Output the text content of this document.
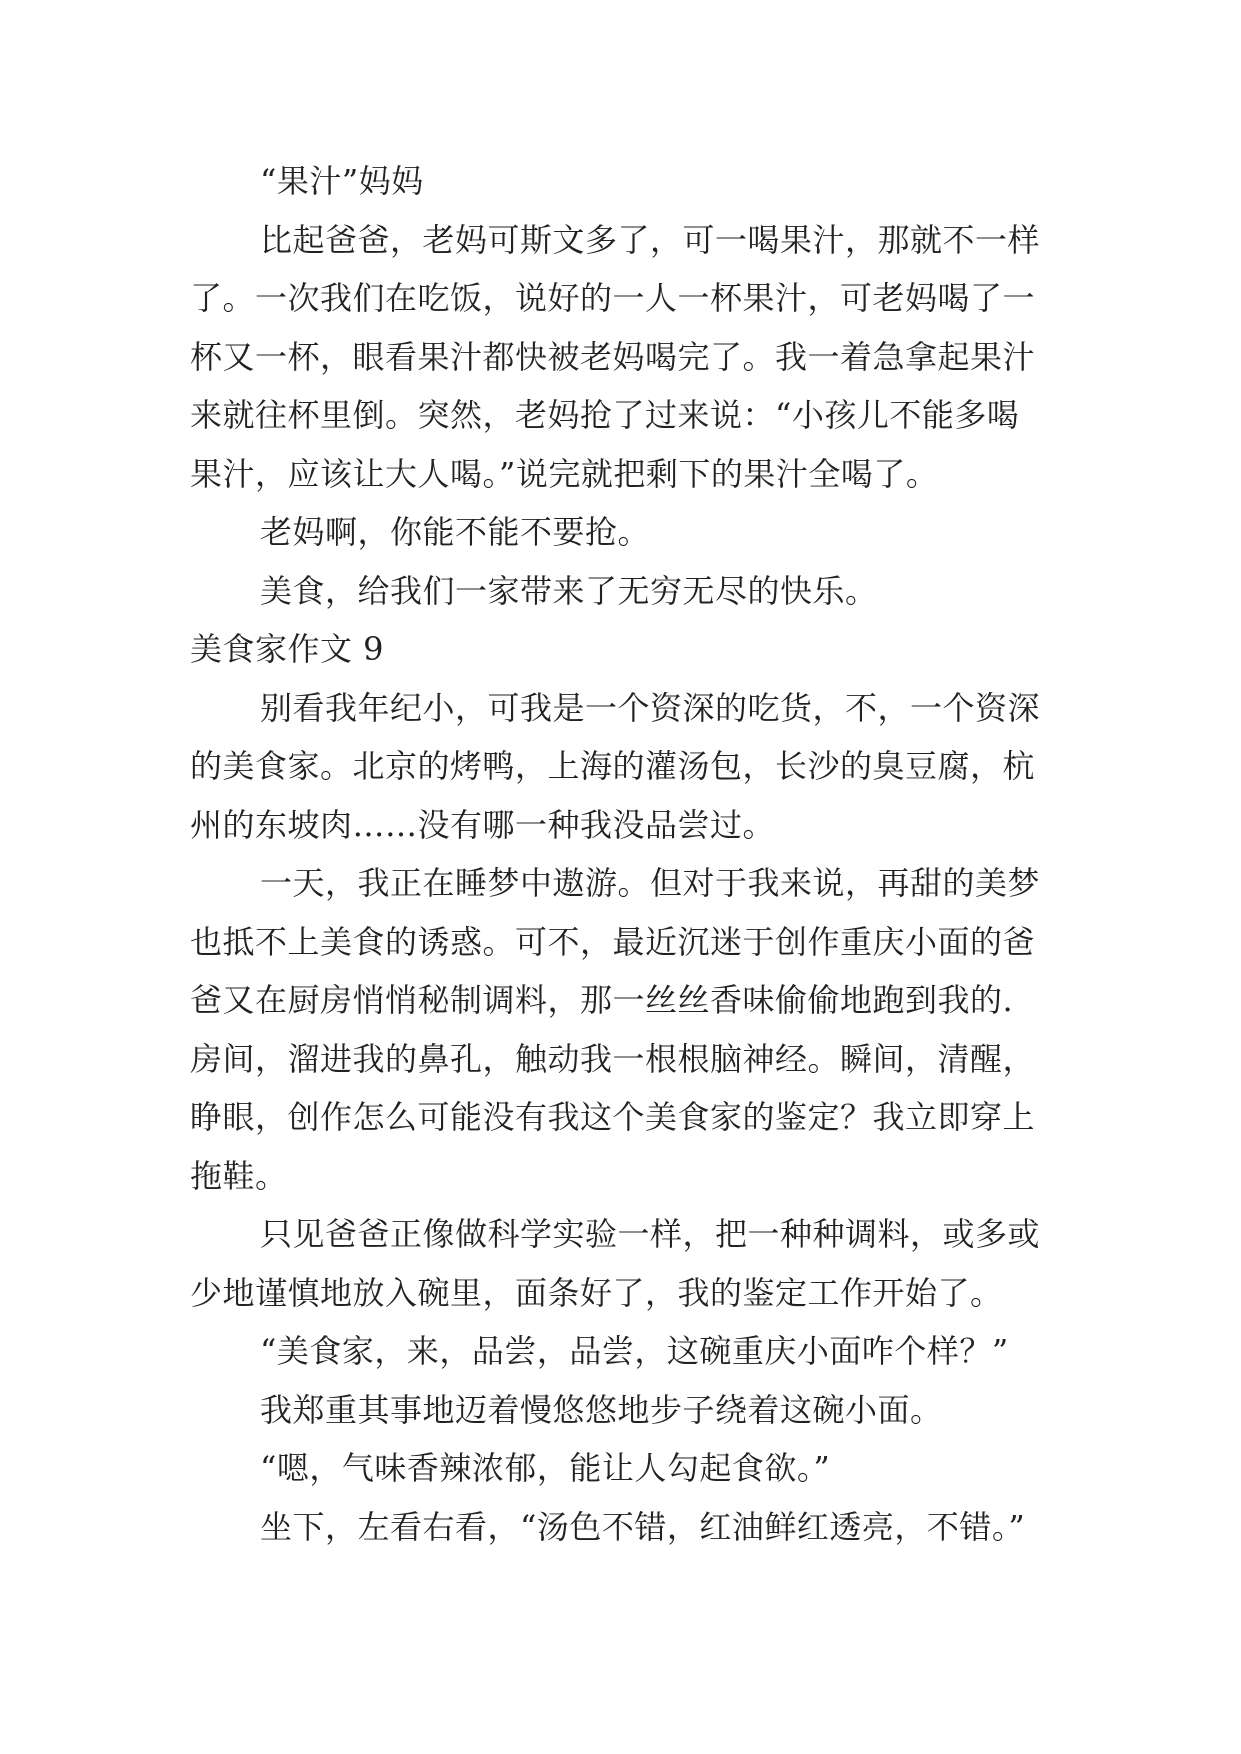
“果汁”妈妈
比起爸爸，老妈可斯文多了，可一喝果汁，那就不一样
了。一次我们在吃饭，说好的一人一杯果汁，可老妈喝了一
杯又一杯，眼看果汁都快被老妈喝完了。我一着急拿起果汁
来就往杯里倒。突然，老妈抢了过来说：“小孩儿不能多喝
果汁，应该让大人喝。”说完就把剩下的果汁全喝了。
老妈啊，你能不能不要抢。
美食，给我们一家带来了无穷无尽的快乐。
美食家作文 9
别看我年纪小，可我是一个资深的吃货，不，一个资深
的美食家。北京的烤鸭，上海的灌汤包，长沙的臭豆腐，杭
州的东坡肉……没有哪一种我没品尝过。
一天，我正在睡梦中遨游。但对于我来说，再甜的美梦
也抵不上美食的诱惑。可不，最近沉迷于创作重庆小面的爸
爸又在厨房悄悄秘制调料，那一丝丝香味偷偷地跑到我的.
房间，溜进我的鼻孔，触动我一根根脑神经。瞬间，清醒，
睁眼，创作怎么可能没有我这个美食家的鉴定？我立即穿上
拖鞋。
只见爸爸正像做科学实验一样，把一种种调料，或多或
少地谨慎地放入碗里，面条好了，我的鉴定工作开始了。
“美食家，来，品尝，品尝，这碗重庆小面咋个样？”
我郑重其事地迈着慢悠悠地步子绕着这碗小面。
“嗯，气味香辣浓郁，能让人勾起食欲。”
坐下，左看右看，“汤色不错，红油鲜红透亮，不错。”
